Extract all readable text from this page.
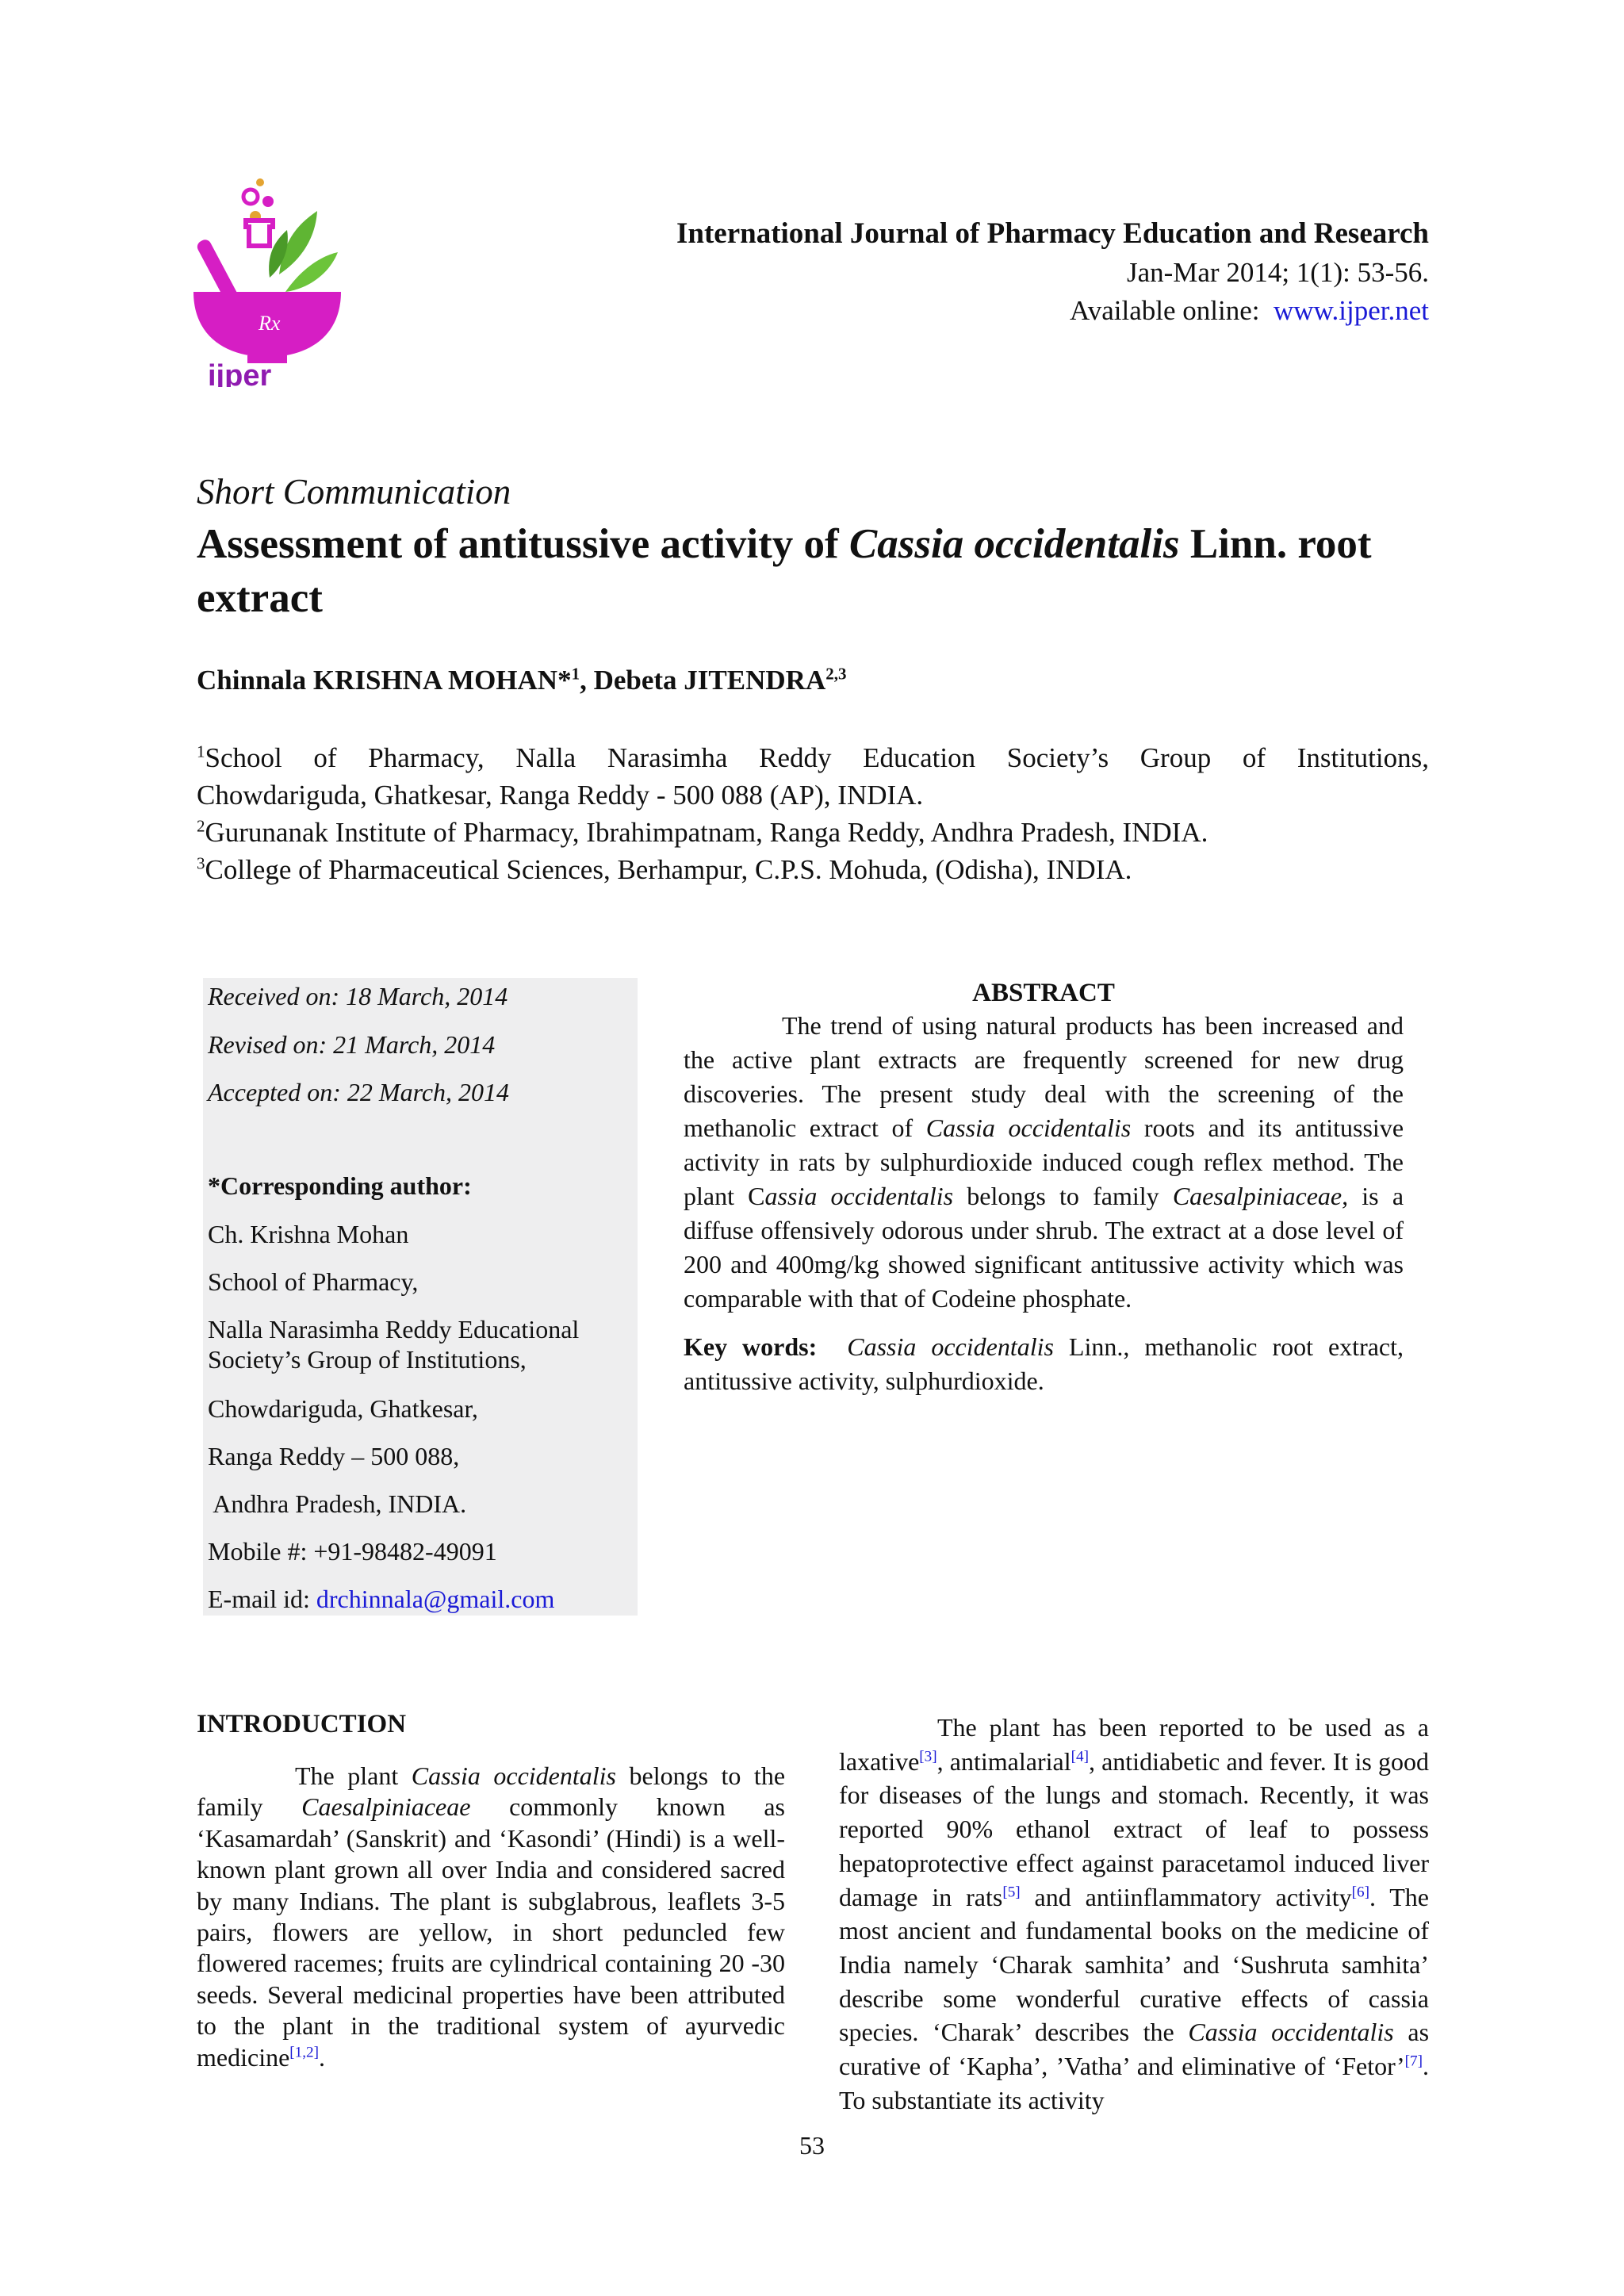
Rx
ijper
International Journal of Pharmacy Education and Research
Jan-Mar 2014; 1(1): 53-56.
Available online: www.ijper.net
Short Communication
Assessment of antitussive activity of Cassia occidentalis Linn. root extract
Chinnala KRISHNA MOHAN*$^1$, Debeta JITENDRA$^{2,3}$
$^1$School of Pharmacy, Nalla Narasimha Reddy Education Society’s Group of Institutions,
Chowdariguda, Ghatkesar, Ranga Reddy - 500 088 (AP), INDIA.
$^2$Gurunanak Institute of Pharmacy, Ibrahimpatnam, Ranga Reddy, Andhra Pradesh, INDIA.
$^3$College of Pharmaceutical Sciences, Berhampur, C.P.S. Mohuda, (Odisha), INDIA.
Received on: 18 March, 2014
Revised on: 21 March, 2014
Accepted on: 22 March, 2014
*Corresponding author:
Ch. Krishna Mohan
School of Pharmacy,
Nalla Narasimha Reddy Educational
Society’s Group of Institutions,
Chowdariguda, Ghatkesar,
Ranga Reddy – 500 088,
Andhra Pradesh, INDIA.
Mobile #: +91-98482-49091
E-mail id: drchinnala@gmail.com
ABSTRACT
The trend of using natural products has been increased and the active plant extracts are frequently screened for new drug discoveries. The present study deal with the screening of the methanolic extract of Cassia occidentalis roots and its antitussive activity in rats by sulphurdioxide induced cough reflex method. The plant Cassia occidentalis belongs to family Caesalpiniaceae, is a diffuse offensively odorous under shrub. The extract at a dose level of 200 and 400mg/kg showed significant antitussive activity which was comparable with that of Codeine phosphate.
Key words: Cassia occidentalis Linn., methanolic root extract, antitussive activity, sulphurdioxide.
INTRODUCTION
The plant Cassia occidentalis belongs to the family Caesalpiniaceae commonly known as ‘Kasamardah’ (Sanskrit) and ‘Kasondi’ (Hindi) is a well-known plant grown all over India and considered sacred by many Indians. The plant is subglabrous, leaflets 3-5 pairs, flowers are yellow, in short peduncled few flowered racemes; fruits are cylindrical containing 20 -30 seeds. Several medicinal properties have been attributed to the plant in the traditional system of ayurvedic medicine[1,2].
The plant has been reported to be used as a laxative[3], antimalarial[4], antidiabetic and fever. It is good for diseases of the lungs and stomach. Recently, it was reported 90% ethanol extract of leaf to possess hepatoprotective effect against paracetamol induced liver damage in rats[5] and antiinflammatory activity[6]. The most ancient and fundamental books on the medicine of India namely ‘Charak samhita’ and ‘Sushruta samhita’ describe some wonderful curative effects of cassia species. ‘Charak’ describes the Cassia occidentalis as curative of ‘Kapha’, ’Vatha’ and eliminative of ‘Fetor’[7]. To substantiate its activity
53
